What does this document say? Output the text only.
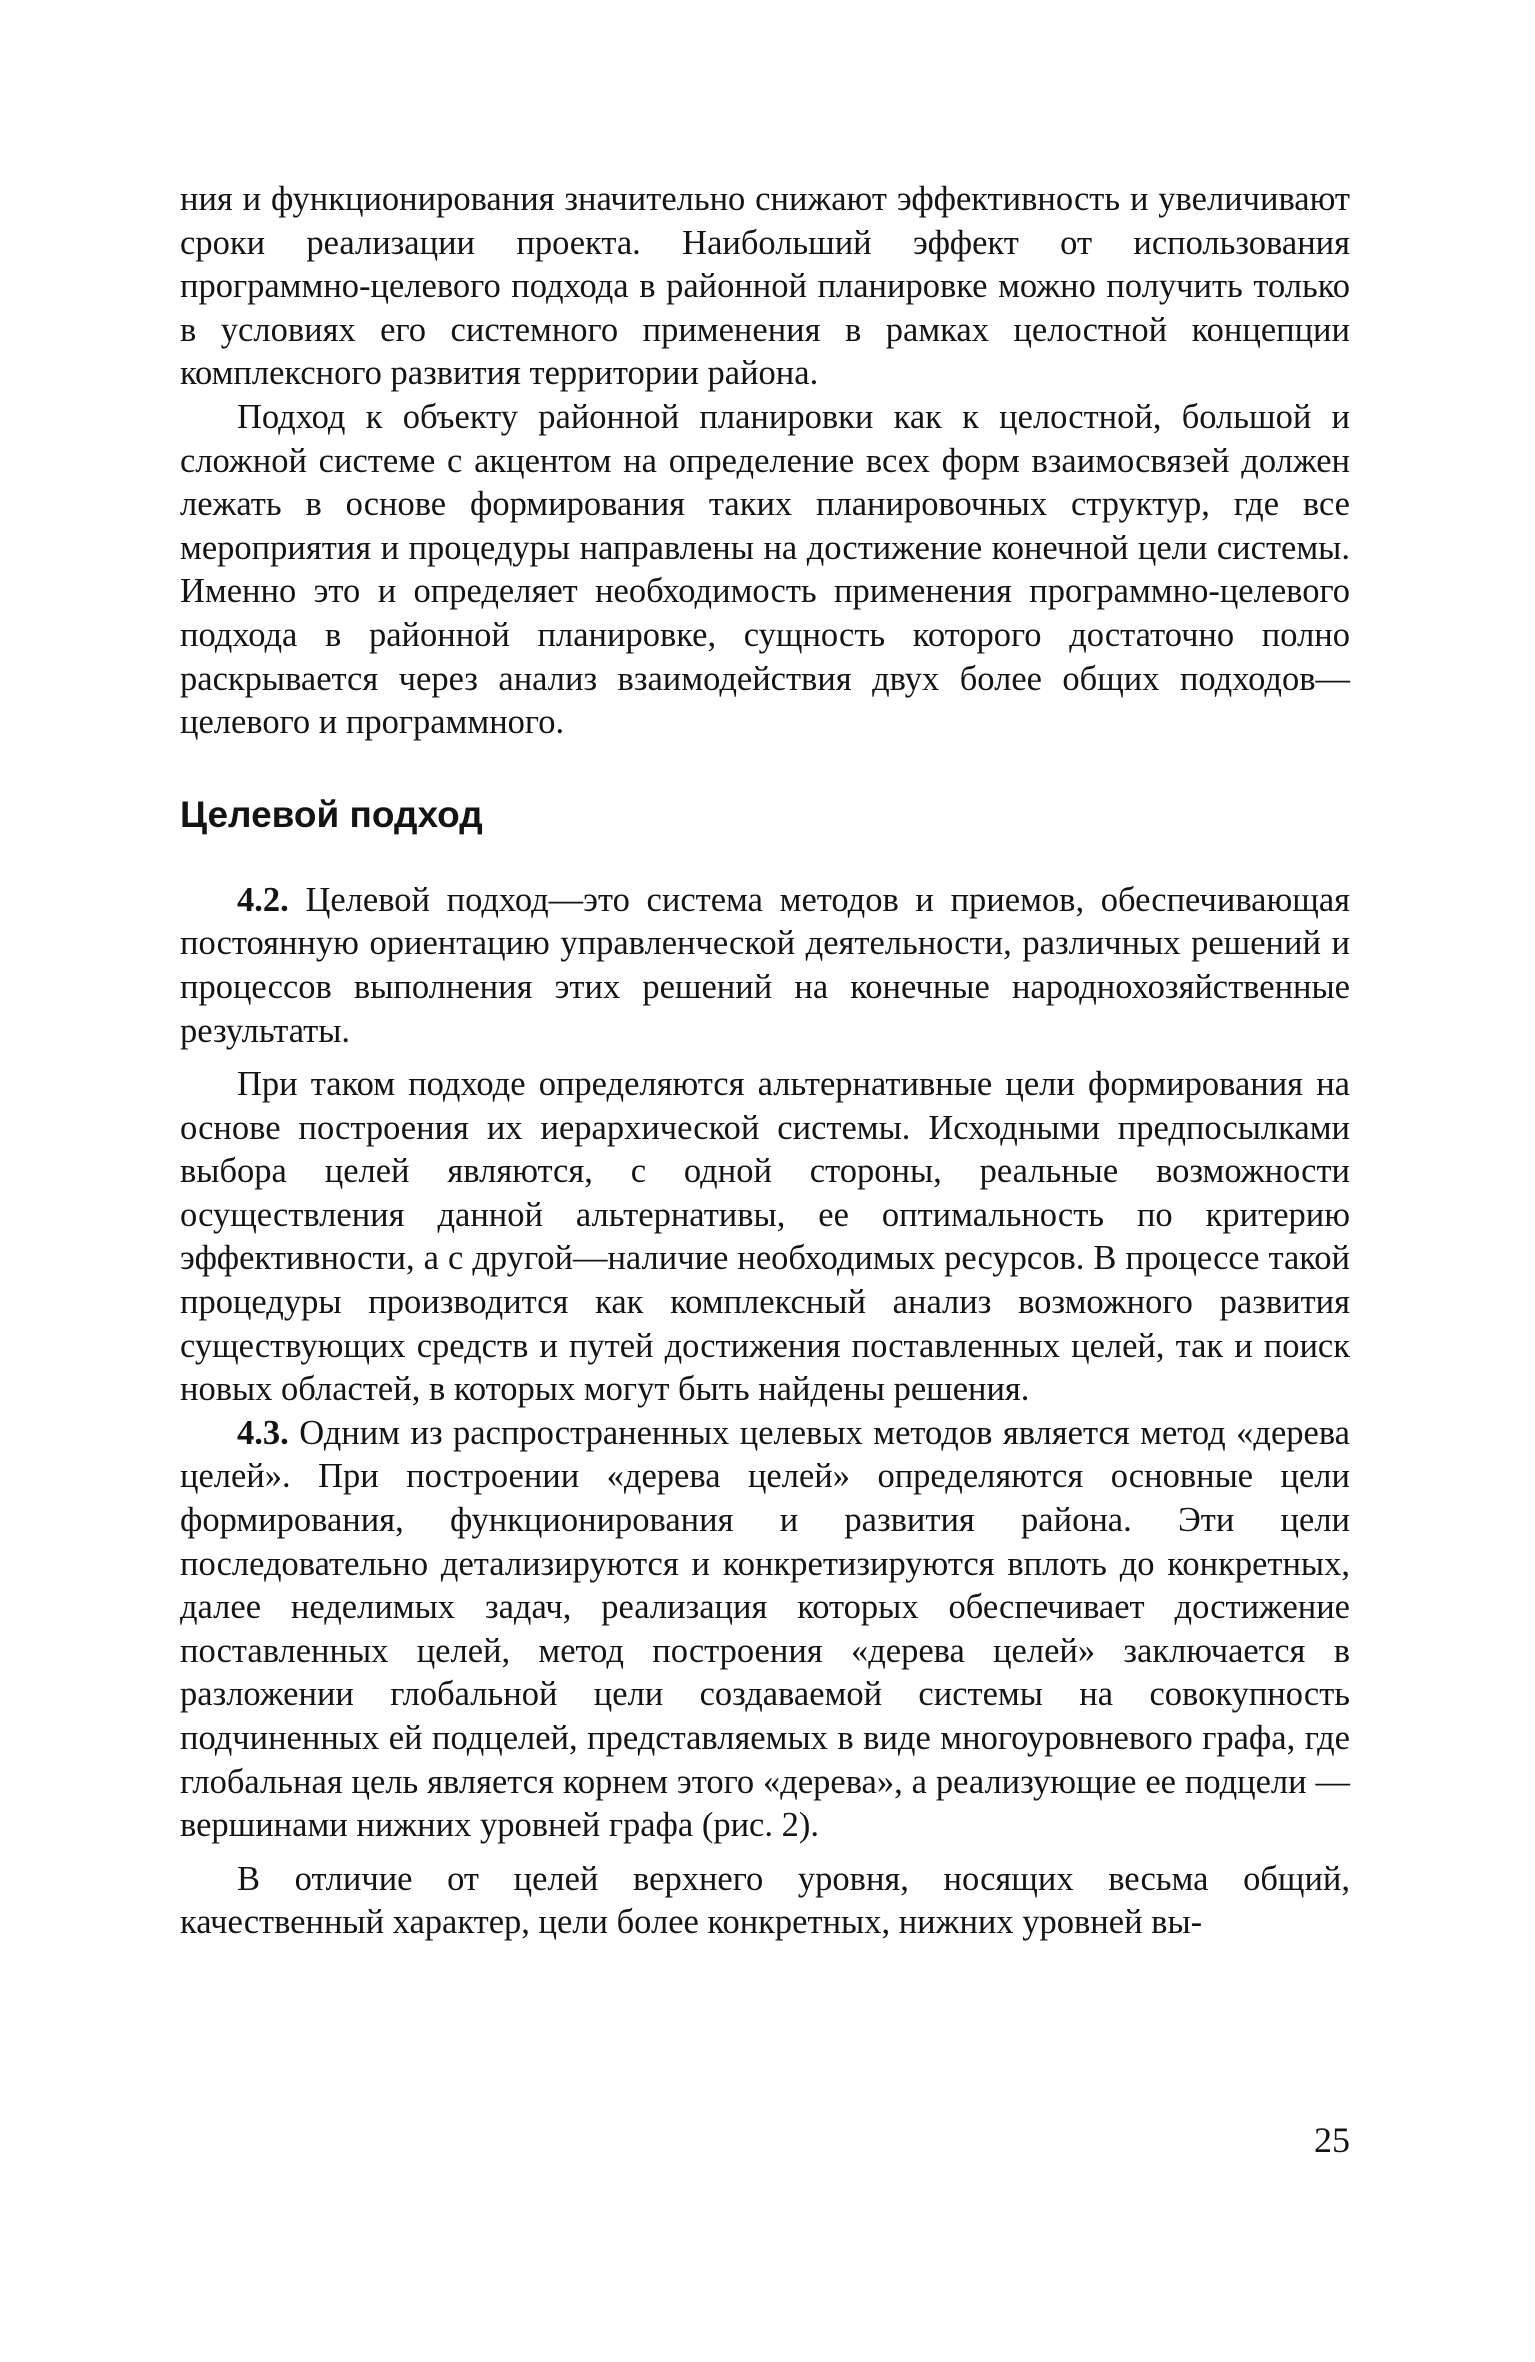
ния и функционирования значительно снижают эффективность и увеличивают сроки реализации проекта. Наибольший эффект от использования программно-целевого подхода в районной планировке можно получить только в условиях его системного применения в рамках целостной концепции комплексного развития территории района.

Подход к объекту районной планировки как к целостной, большой и сложной системе с акцентом на определение всех форм взаимосвязей должен лежать в основе формирования таких планировочных структур, где все мероприятия и процедуры направлены на достижение конечной цели системы. Именно это и определяет необходимость применения программно-целевого подхода в районной планировке, сущность которого достаточно полно раскрывается через анализ взаимодействия двух более общих подходов—целевого и программного.

Целевой подход

4.2. Целевой подход—это система методов и приемов, обеспечивающая постоянную ориентацию управленческой деятельности, различных решений и процессов выполнения этих решений на конечные народнохозяйственные результаты.

При таком подходе определяются альтернативные цели формирования на основе построения их иерархической системы. Исходными предпосылками выбора целей являются, с одной стороны, реальные возможности осуществления данной альтернативы, ее оптимальность по критерию эффективности, а с другой—наличие необходимых ресурсов. В процессе такой процедуры производится как комплексный анализ возможного развития существующих средств и путей достижения поставленных целей, так и поиск новых областей, в которых могут быть найдены решения.

4.3. Одним из распространенных целевых методов является метод «дерева целей». При построении «дерева целей» определяются основные цели формирования, функционирования и развития района. Эти цели последовательно детализируются и конкретизируются вплоть до конкретных, далее неделимых задач, реализация которых обеспечивает достижение поставленных целей, метод построения «дерева целей» заключается в разложении глобальной цели создаваемой системы на совокупность подчиненных ей подцелей, представляемых в виде многоуровневого графа, где глобальная цель является корнем этого «дерева», а реализующие ее подцели — вершинами нижних уровней графа (рис. 2).

В отличие от целей верхнего уровня, носящих весьма общий, качественный характер, цели более конкретных, нижних уровней вы-

25
